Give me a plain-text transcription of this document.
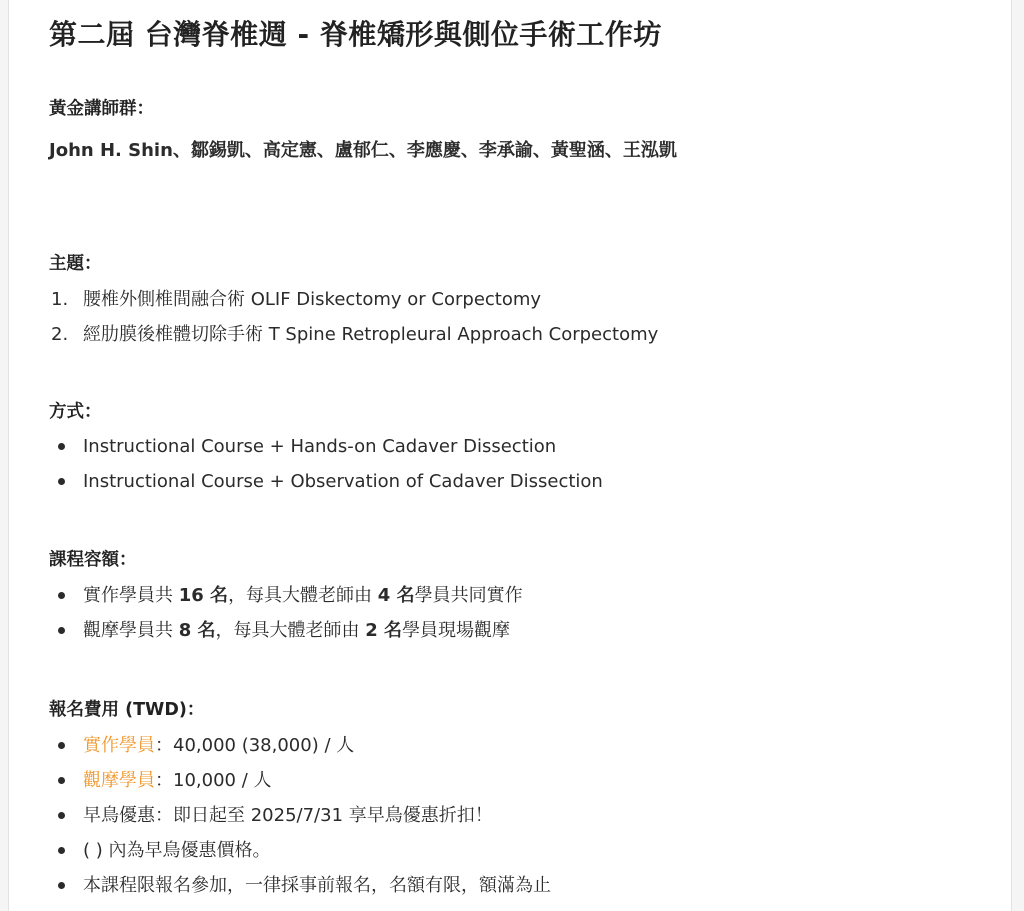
第二屆 台灣脊椎週 - 脊椎矯形與側位手術工作坊

黃金講師群：

John H. Shin、鄒錫凱、高定憲、盧郁仁、李應慶、李承諭、黃聖涵、王泓凱

主題：

1. 腰椎外側椎間融合術 OLIF Diskectomy or Corpectomy
2. 經肋膜後椎體切除手術 T Spine Retropleural Approach Corpectomy

方式：

Instructional Course + Hands-on Cadaver Dissection
Instructional Course + Observation of Cadaver Dissection

課程容額：

實作學員共 16 名，每具大體老師由 4 名學員共同實作
觀摩學員共 8 名，每具大體老師由 2 名學員現場觀摩

報名費用 (TWD)：

實作學員：40,000 (38,000) / 人
觀摩學員：10,000 / 人
早鳥優惠：即日起至 2025/7/31 享早鳥優惠折扣！
( ) 內為早鳥優惠價格。
本課程限報名參加，一律採事前報名，名額有限，額滿為止
